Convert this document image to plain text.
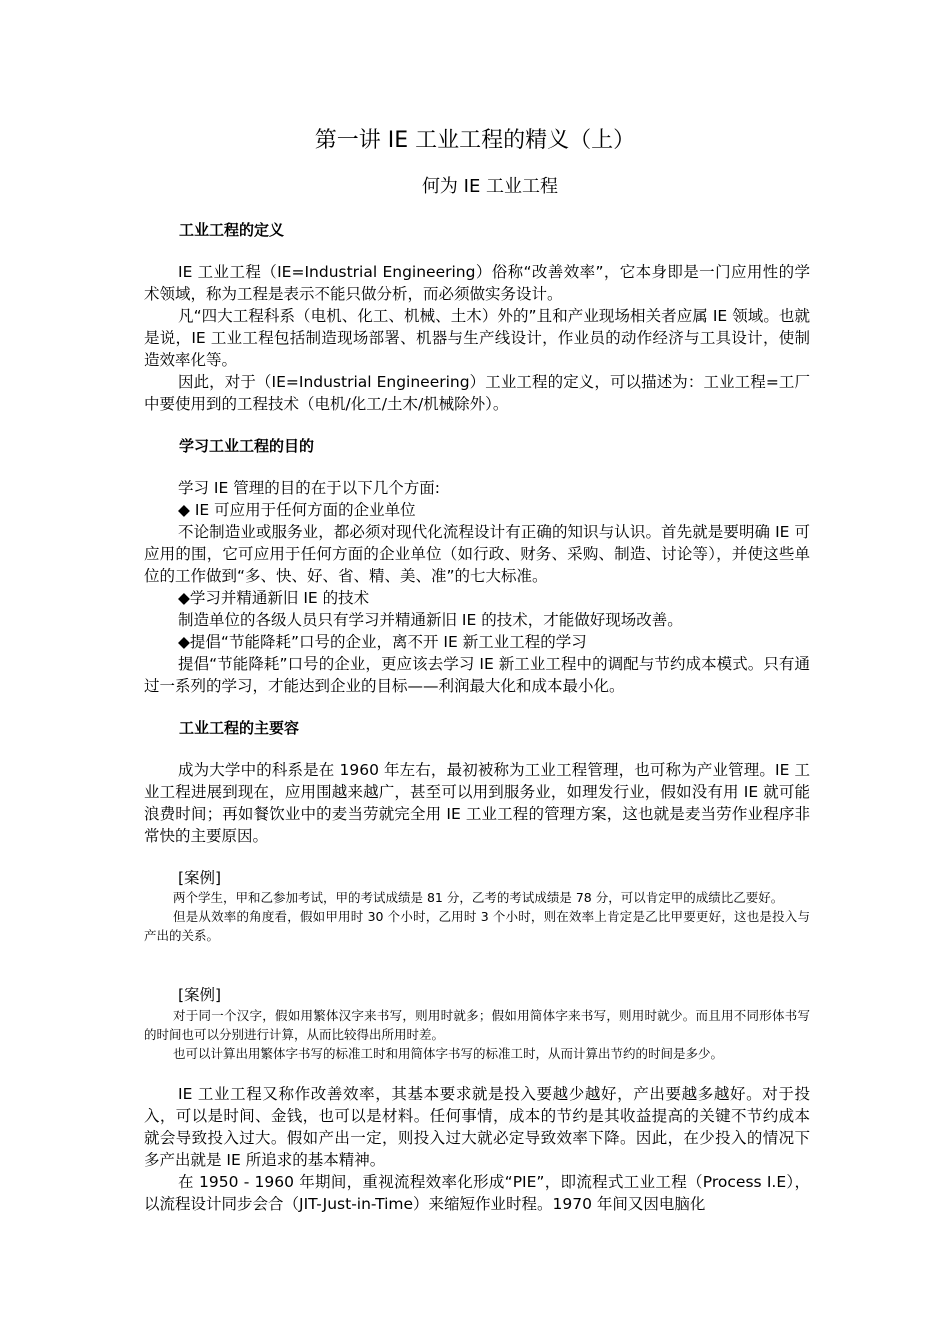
第一讲 IE 工业工程的精义（上）
何为 IE 工业工程
工业工程的定义

IE 工业工程（IE=Industrial Engineering）俗称“改善效率”，它本身即是一门应用性的学术领域，称为工程是表示不能只做分析，而必须做实务设计。

凡“四大工程科系（电机、化工、机械、土木）外的”且和产业现场相关者应属 IE 领域。也就是说，IE 工业工程包括制造现场部署、机器与生产线设计，作业员的动作经济与工具设计，使制造效率化等。

因此，对于（IE=Industrial Engineering）工业工程的定义，可以描述为：工业工程=工厂中要使用到的工程技术（电机/化工/土木/机械除外）。

学习工业工程的目的

学习 IE 管理的目的在于以下几个方面:

◆ IE 可应用于任何方面的企业单位

不论制造业或服务业，都必须对现代化流程设计有正确的知识与认识。首先就是要明确 IE 可应用的围，它可应用于任何方面的企业单位（如行政、财务、采购、制造、讨论等），并使这些单位的工作做到“多、快、好、省、精、美、准”的七大标准。

◆学习并精通新旧 IE 的技术

制造单位的各级人员只有学习并精通新旧 IE 的技术，才能做好现场改善。

◆提倡“节能降耗”口号的企业，离不开 IE 新工业工程的学习

提倡“节能降耗”口号的企业，更应该去学习 IE 新工业工程中的调配与节约成本模式。只有通过一系列的学习，才能达到企业的目标——利润最大化和成本最小化。

工业工程的主要容

成为大学中的科系是在 1960 年左右，最初被称为工业工程管理，也可称为产业管理。IE 工业工程进展到现在，应用围越来越广，甚至可以用到服务业，如理发行业，假如没有用 IE 就可能浪费时间；再如餐饮业中的麦当劳就完全用 IE 工业工程的管理方案，这也就是麦当劳作业程序非常快的主要原因。

[案例]

两个学生，甲和乙参加考试，甲的考试成绩是 81 分，乙考的考试成绩是 78 分，可以肯定甲的成绩比乙要好。

但是从效率的角度看，假如甲用时 30 个小时，乙用时 3 个小时，则在效率上肯定是乙比甲要更好，这也是投入与产出的关系。

[案例]

对于同一个汉字，假如用繁体汉字来书写，则用时就多；假如用简体字来书写，则用时就少。而且用不同形体书写的时间也可以分别进行计算，从而比较得出所用时差。

也可以计算出用繁体字书写的标准工时和用简体字书写的标准工时，从而计算出节约的时间是多少。

IE 工业工程又称作改善效率，其基本要求就是投入要越少越好，产出要越多越好。对于投入，可以是时间、金钱，也可以是材料。任何事情，成本的节约是其收益提高的关键不节约成本就会导致投入过大。假如产出一定，则投入过大就必定导致效率下降。因此，在少投入的情况下多产出就是 IE 所追求的基本精神。

在 1950 - 1960 年期间，重视流程效率化形成“PIE”，即流程式工业工程（Process I.E），以流程设计同步会合（JIT-Just-in-Time）来缩短作业时程。1970 年间又因电脑化
